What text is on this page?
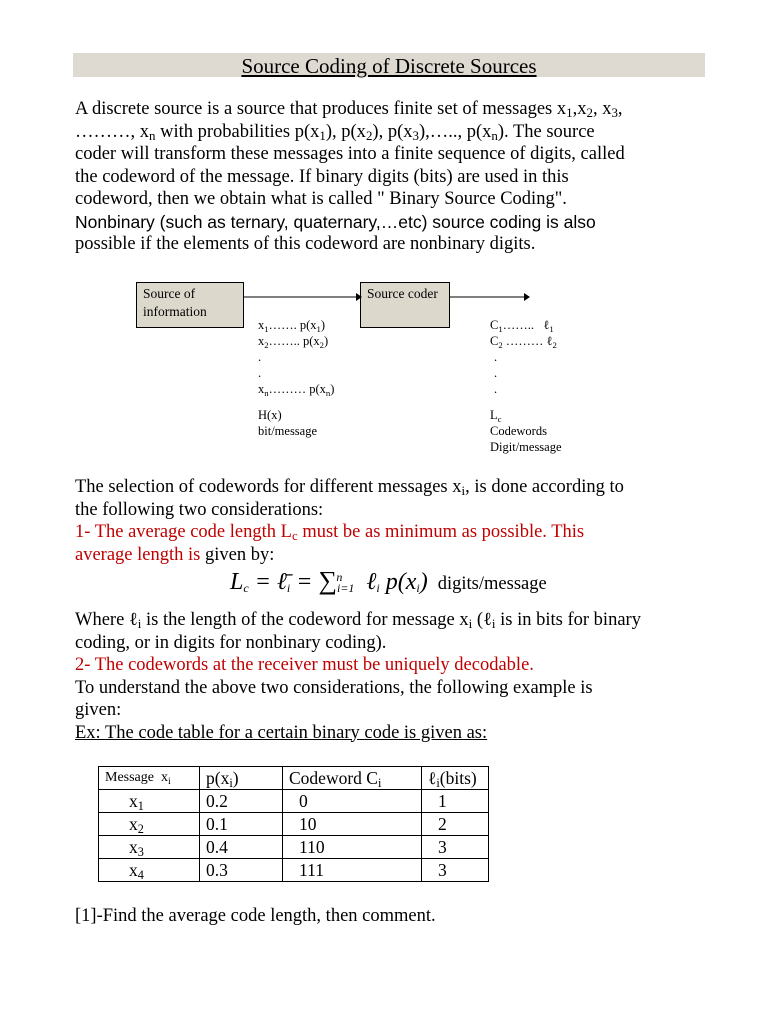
Source Coding of Discrete Sources
A discrete source is a source that produces finite set of messages $x_1,x_2$, $x_3$,
………, $x_n$ with probabilities $p(x_1)$, $p(x_2)$, $p(x_3),\dots$.., $p(x_n)$. The source
coder will transform these messages into a finite sequence of digits, called
the codeword of the message. If binary digits (bits) are used in this
codeword, then we obtain what is called " Binary Source Coding".
Nonbinary (such as ternary, quaternary,…etc) source coding is also
possible if the elements of this codeword are nonbinary digits.
Source of
information
Source coder
$x_1\dots\dots$. $p(x_1)$
$x_2\dots\dots$.. $p(x_2)$
.
.
$x_n\dots\dots\dots$ $p(x_n)$
H(x)
bit/message
$C_1\dots\dots$..   ℓ$_1$
$C_2$ ……… ℓ$_2$
.
.
.
$L_c$
Codewords
Digit/message
The selection of codewords for different messages $x_i$, is done according to
the following two considerations:
1- The average code length $L_c$ must be as minimum as possible. This
average length is given by:
$L_c$ = $\ell̄_i = \sum_{i=1}^n$ ℓ$_i$ $p(x_i)$ digits/message
Where ℓ$_i$ is the length of the codeword for message $x_i$ (ℓ$_i$ is in bits for binary
coding, or in digits for nonbinary coding).
2- The codewords at the receiver must be uniquely decodable.
To understand the above two considerations, the following example is
given:
Ex: The code table for a certain binary code is given as:
Message  $x_i$	$p(x_i)$	Codeword $C_i$	ℓ$_i$(bits)
$x_1$	0.2	0	1
$x_2$	0.1	10	2
$x_3$	0.4	110	3
$x_4$	0.3	111	3
[1]-Find the average code length, then comment.
